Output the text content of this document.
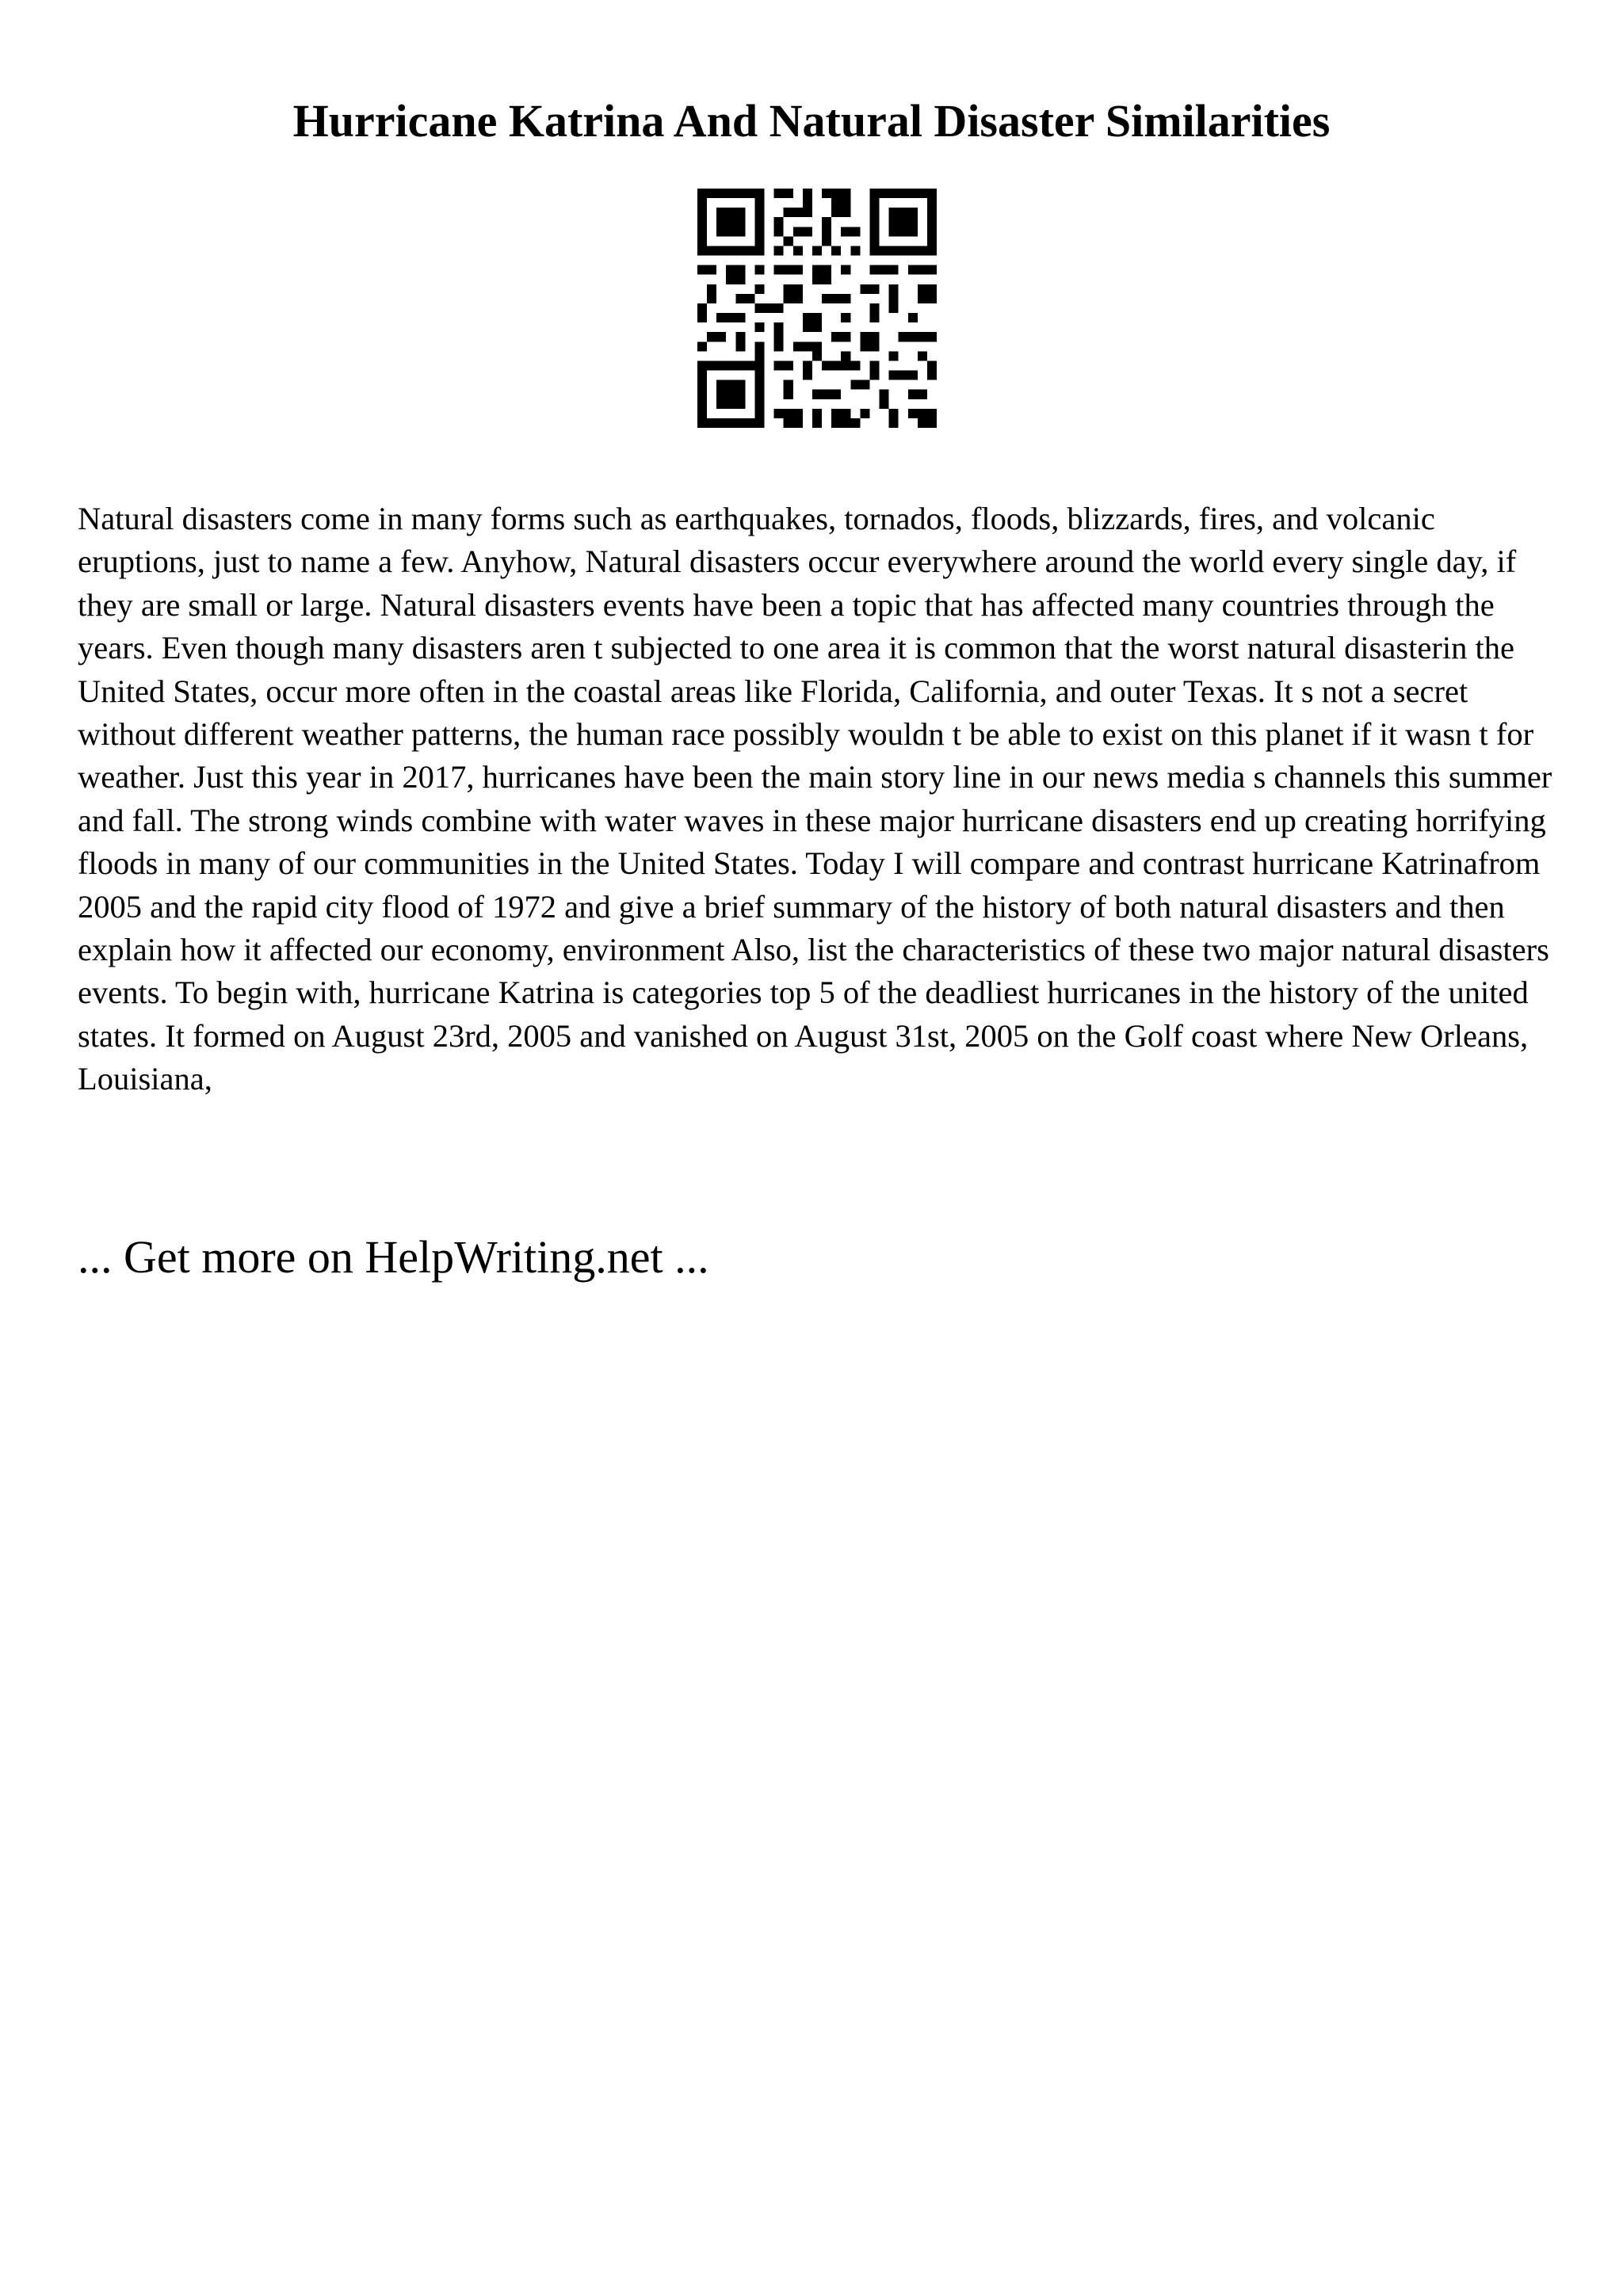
Hurricane Katrina And Natural Disaster Similarities

Natural disasters come in many forms such as earthquakes, tornados, floods, blizzards, fires, and volcanic eruptions, just to name a few. Anyhow, Natural disasters occur everywhere around the world every single day, if they are small or large. Natural disasters events have been a topic that has affected many countries through the years. Even though many disasters aren t subjected to one area it is common that the worst natural disasterin the United States, occur more often in the coastal areas like Florida, California, and outer Texas. It s not a secret without different weather patterns, the human race possibly wouldn t be able to exist on this planet if it wasn t for weather. Just this year in 2017, hurricanes have been the main story line in our news media s channels this summer and fall. The strong winds combine with water waves in these major hurricane disasters end up creating horrifying floods in many of our communities in the United States. Today I will compare and contrast hurricane Katrinafrom 2005 and the rapid city flood of 1972 and give a brief summary of the history of both natural disasters and then explain how it affected our economy, environment Also, list the characteristics of these two major natural disasters events. To begin with, hurricane Katrina is categories top 5 of the deadliest hurricanes in the history of the united states. It formed on August 23rd, 2005 and vanished on August 31st, 2005 on the Golf coast where New Orleans, Louisiana,

... Get more on HelpWriting.net ...
